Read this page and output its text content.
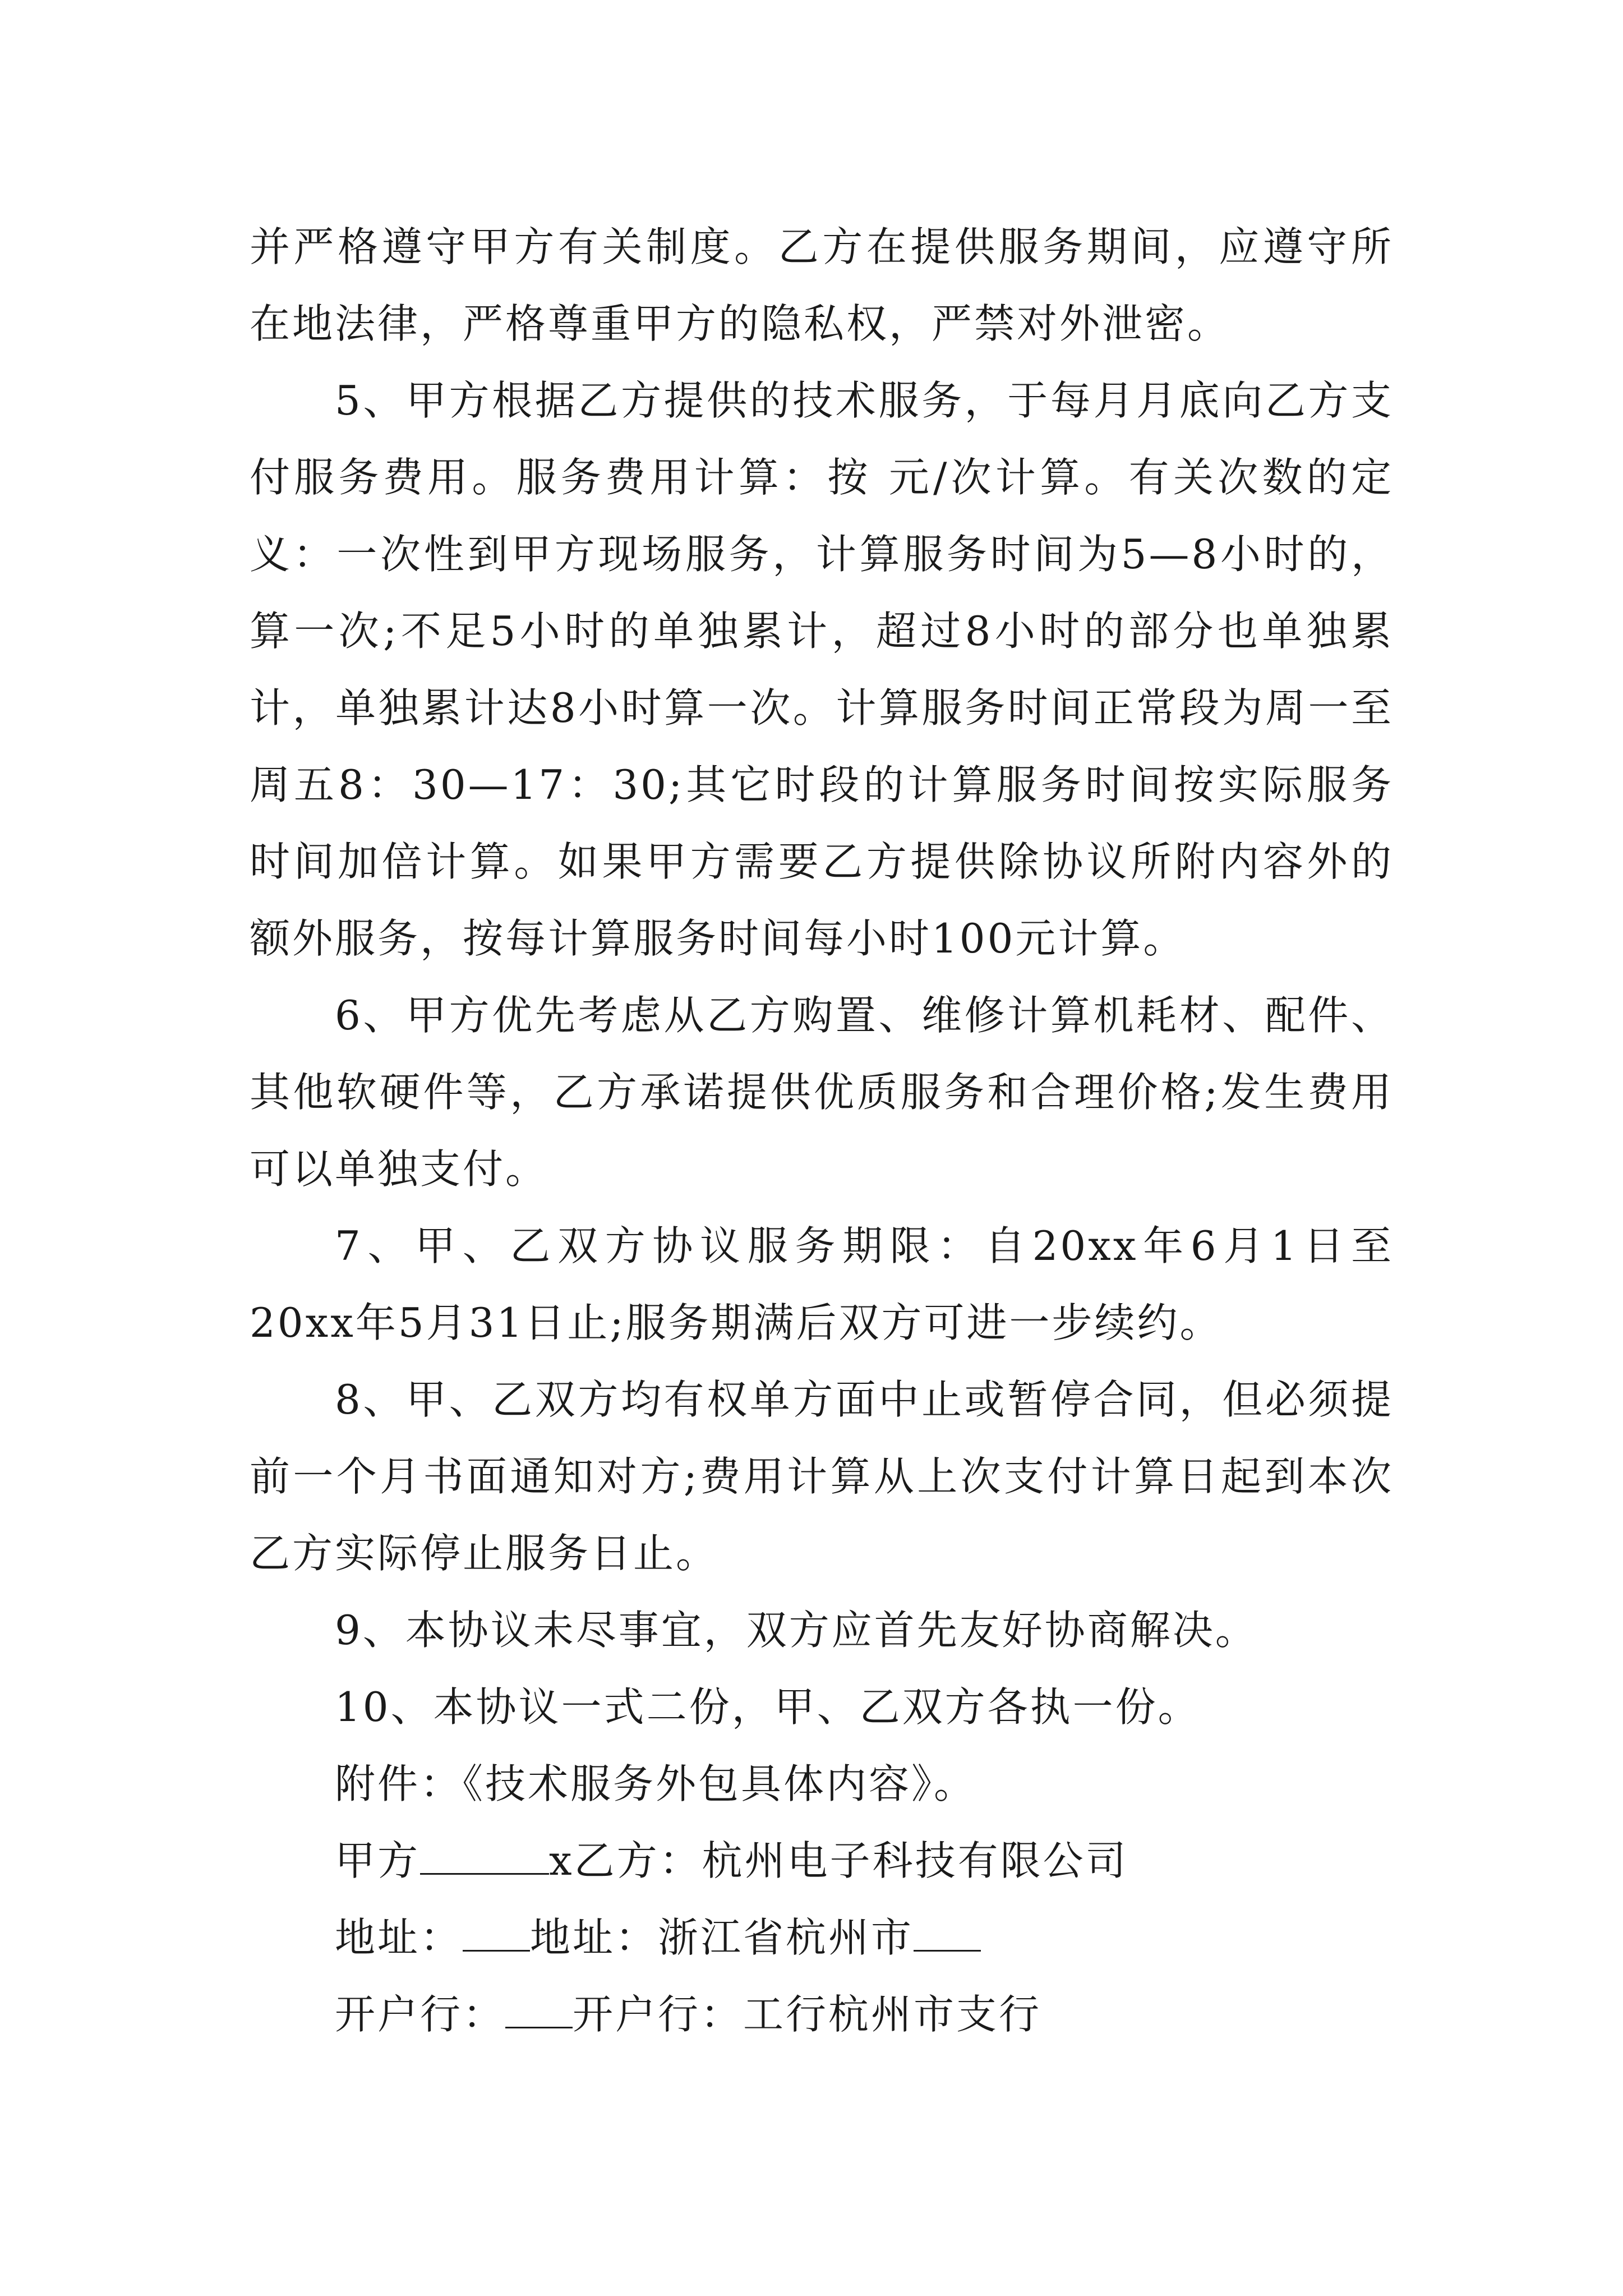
并严格遵守甲方有关制度。乙方在提供服务期间，应遵守所在地法律，严格尊重甲方的隐私权，严禁对外泄密。

5、甲方根据乙方提供的技术服务，于每月月底向乙方支付服务费用。服务费用计算：按 元/次计算。有关次数的定义：一次性到甲方现场服务，计算服务时间为5—8小时的，算一次;不足5小时的单独累计，超过8小时的部分也单独累计，单独累计达8小时算一次。计算服务时间正常段为周一至周五8：30—17：30;其它时段的计算服务时间按实际服务时间加倍计算。如果甲方需要乙方提供除协议所附内容外的额外服务，按每计算服务时间每小时100元计算。

6、甲方优先考虑从乙方购置、维修计算机耗材、配件、其他软硬件等，乙方承诺提供优质服务和合理价格;发生费用可以单独支付。

7、甲、乙双方协议服务期限：自20xx年6月1日至20xx年5月31日止;服务期满后双方可进一步续约。

8、甲、乙双方均有权单方面中止或暂停合同，但必须提前一个月书面通知对方;费用计算从上次支付计算日起到本次乙方实际停止服务日止。

9、本协议未尽事宜，双方应首先友好协商解决。

10、本协议一式二份，甲、乙双方各执一份。

附件：《技术服务外包具体内容》。

甲方	x乙方：杭州电子科技有限公司

地址： 地址：浙江省杭州市

开户行： 开户行：工行杭州市支行
